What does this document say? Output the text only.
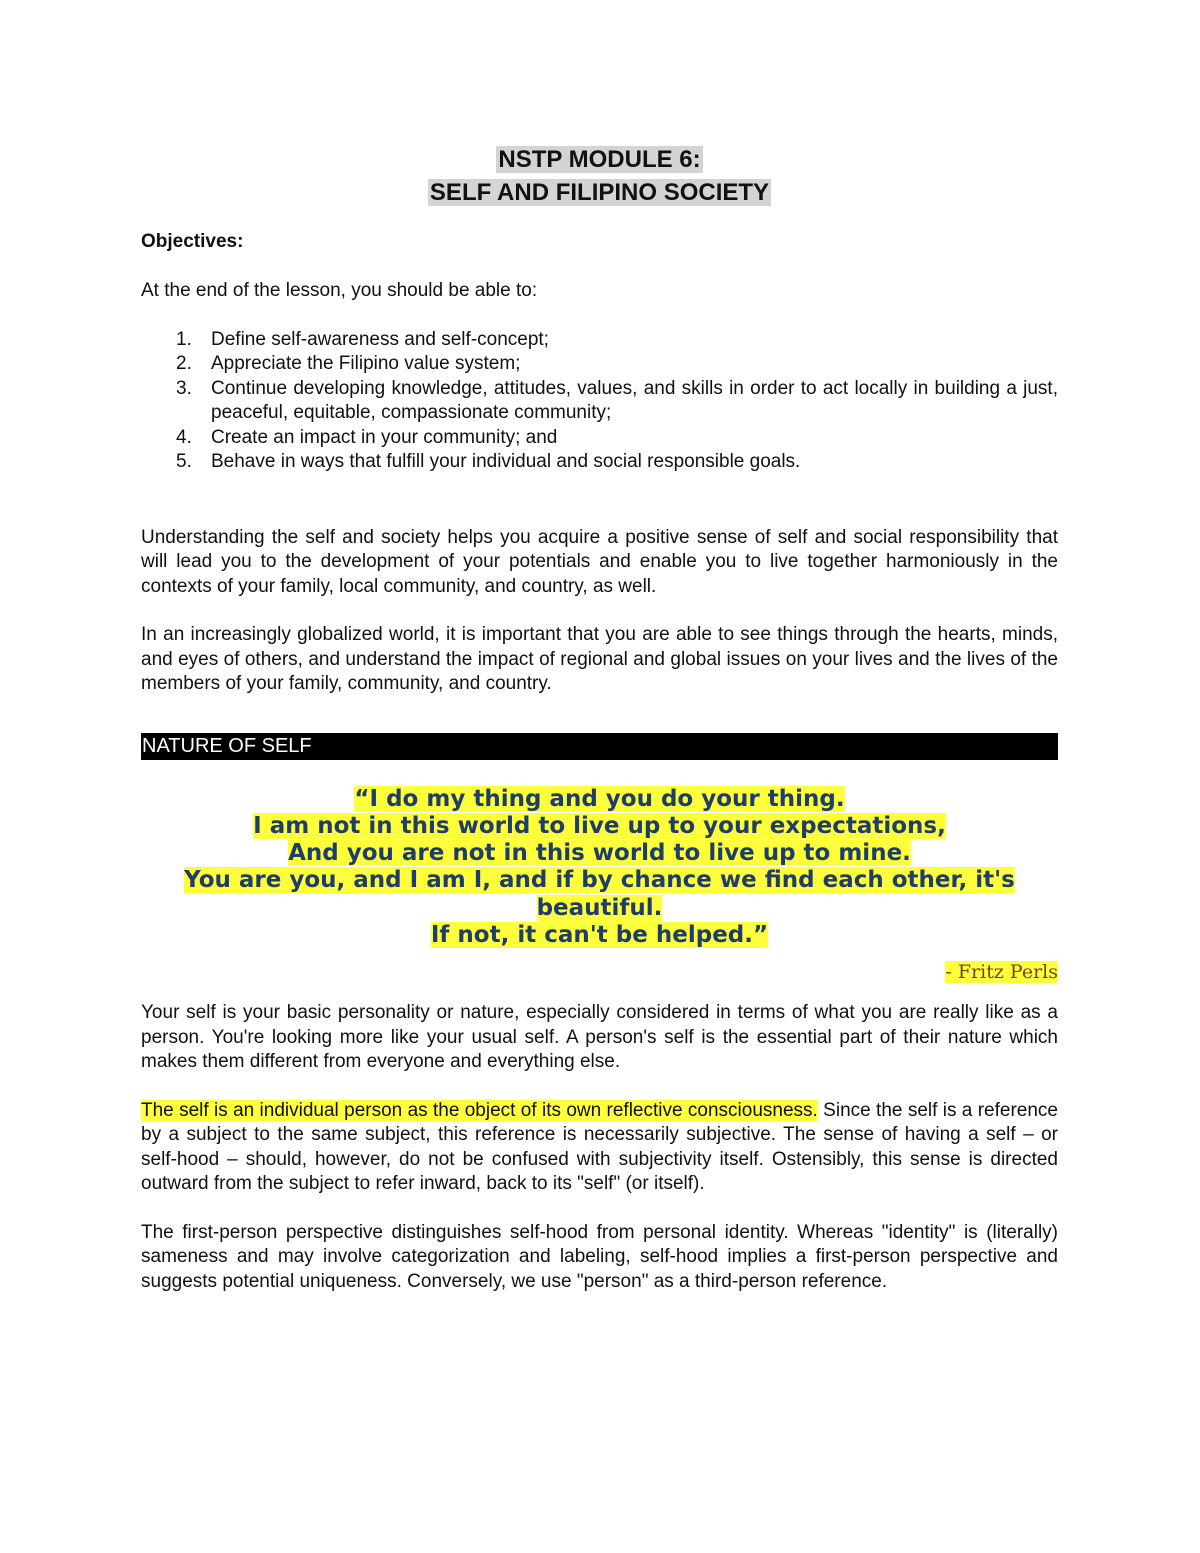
NSTP MODULE 6:
SELF AND FILIPINO SOCIETY
Objectives:

At the end of the lesson, you should be able to:

1. Define self-awareness and self-concept;
2. Appreciate the Filipino value system;
3. Continue developing knowledge, attitudes, values, and skills in order to act locally in building a just, peaceful, equitable, compassionate community;
4. Create an impact in your community; and
5. Behave in ways that fulfill your individual and social responsible goals.

Understanding the self and society helps you acquire a positive sense of self and social responsibility that will lead you to the development of your potentials and enable you to live together harmoniously in the contexts of your family, local community, and country, as well.

In an increasingly globalized world, it is important that you are able to see things through the hearts, minds, and eyes of others, and understand the impact of regional and global issues on your lives and the lives of the members of your family, community, and country.

NATURE OF SELF
“I do my thing and you do your thing.
I am not in this world to live up to your expectations,
And you are not in this world to live up to mine.
You are you, and I am I, and if by chance we find each other, it's beautiful.
If not, it can't be helped.”
- Fritz Perls

Your self is your basic personality or nature, especially considered in terms of what you are really like as a person. You're looking more like your usual self. A person's self is the essential part of their nature which makes them different from everyone and everything else.

The self is an individual person as the object of its own reflective consciousness. Since the self is a reference by a subject to the same subject, this reference is necessarily subjective. The sense of having a self – or self-hood – should, however, do not be confused with subjectivity itself. Ostensibly, this sense is directed outward from the subject to refer inward, back to its "self" (or itself).

The first-person perspective distinguishes self-hood from personal identity. Whereas "identity" is (literally) sameness and may involve categorization and labeling, self-hood implies a first-person perspective and suggests potential uniqueness. Conversely, we use "person" as a third-person reference.
